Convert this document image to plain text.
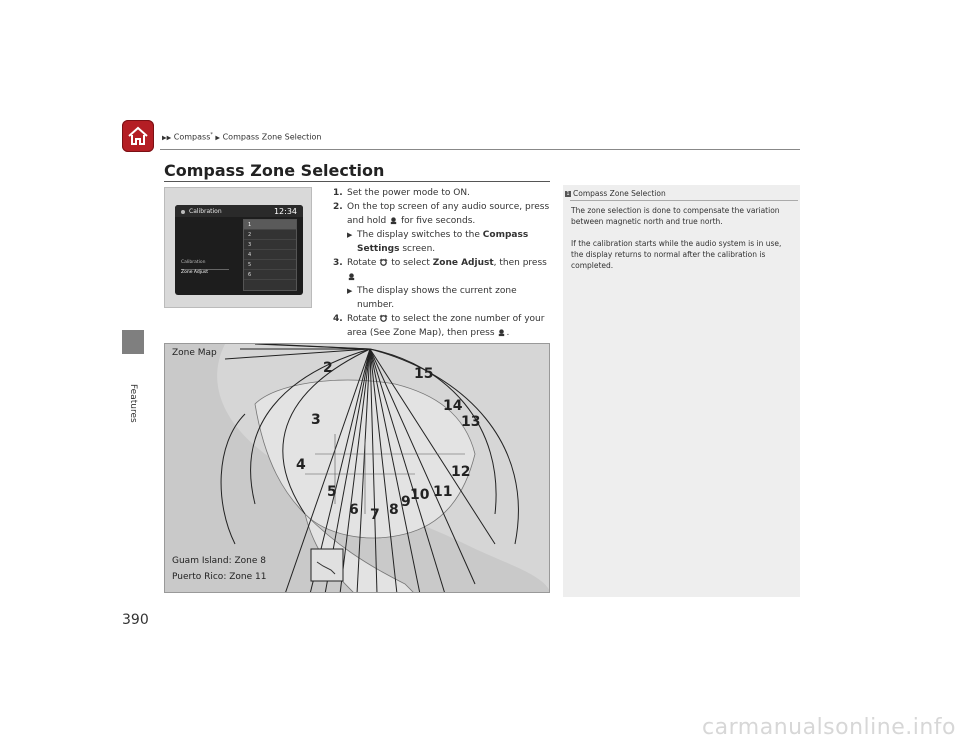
Features
390
▶▶ Compass* ▶ Compass Zone Selection
Compass Zone Selection
Calibration	12:34
Calibration
Zone Adjust
1
2
3
4
5
6
1. Set the power mode to ON.
2. On the top screen of any audio source, press and hold for five seconds.
▶ The display switches to the Compass Settings screen.
3. Rotate to select Zone Adjust, then press
▶ The display shows the current zone number.
4. Rotate to select the zone number of your area (See Zone Map), then press .
2
3
4
5
6 7 8 9 10 11
12
13
14
15
Zone Map
Guam Island: Zone 8
Puerto Rico: Zone 11
1 Compass Zone Selection

The zone selection is done to compensate the variation between magnetic north and true north.

If the calibration starts while the audio system is in use, the display returns to normal after the calibration is completed.

carmanualsonline.info
